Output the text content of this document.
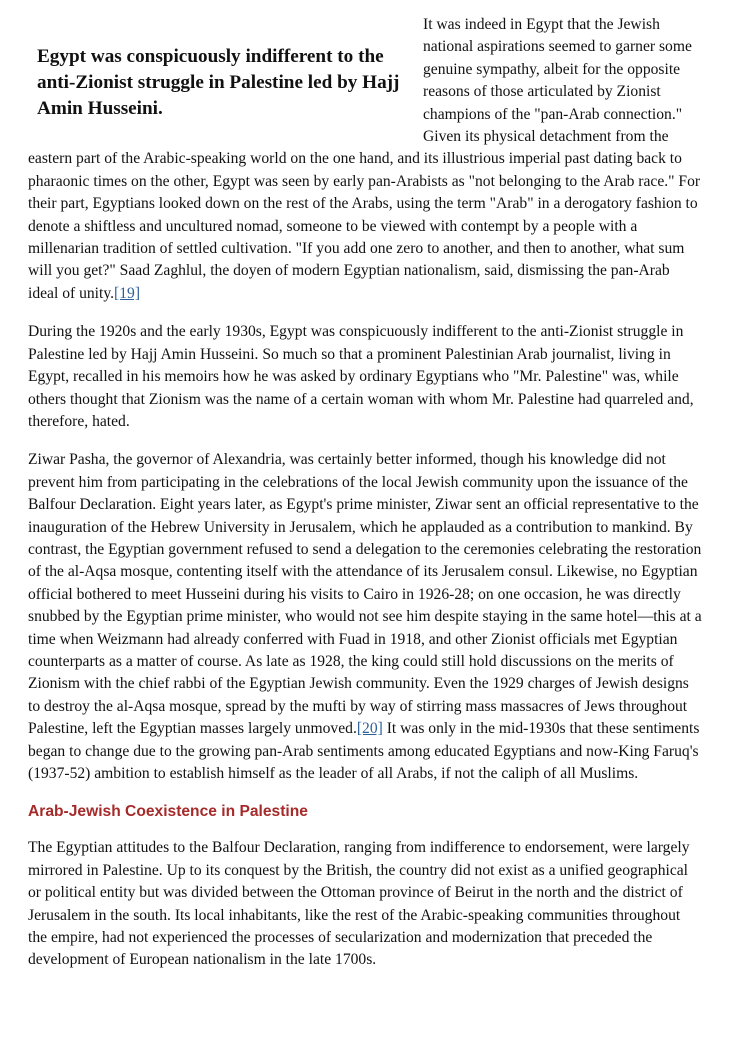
Egypt was conspicuously indifferent to the anti-Zionist struggle in Palestine led by Hajj Amin Husseini.

It was indeed in Egypt that the Jewish national aspirations seemed to garner some genuine sympathy, albeit for the opposite reasons of those articulated by Zionist champions of the "pan-Arab connection." Given its physical detachment from the eastern part of the Arabic-speaking world on the one hand, and its illustrious imperial past dating back to pharaonic times on the other, Egypt was seen by early pan-Arabists as "not belonging to the Arab race." For their part, Egyptians looked down on the rest of the Arabs, using the term "Arab" in a derogatory fashion to denote a shiftless and uncultured nomad, someone to be viewed with contempt by a people with a millenarian tradition of settled cultivation. "If you add one zero to another, and then to another, what sum will you get?" Saad Zaghlul, the doyen of modern Egyptian nationalism, said, dismissing the pan-Arab ideal of unity.[19]

During the 1920s and the early 1930s, Egypt was conspicuously indifferent to the anti-Zionist struggle in Palestine led by Hajj Amin Husseini. So much so that a prominent Palestinian Arab journalist, living in Egypt, recalled in his memoirs how he was asked by ordinary Egyptians who "Mr. Palestine" was, while others thought that Zionism was the name of a certain woman with whom Mr. Palestine had quarreled and, therefore, hated.

Ziwar Pasha, the governor of Alexandria, was certainly better informed, though his knowledge did not prevent him from participating in the celebrations of the local Jewish community upon the issuance of the Balfour Declaration. Eight years later, as Egypt's prime minister, Ziwar sent an official representative to the inauguration of the Hebrew University in Jerusalem, which he applauded as a contribution to mankind. By contrast, the Egyptian government refused to send a delegation to the ceremonies celebrating the restoration of the al-Aqsa mosque, contenting itself with the attendance of its Jerusalem consul. Likewise, no Egyptian official bothered to meet Husseini during his visits to Cairo in 1926-28; on one occasion, he was directly snubbed by the Egyptian prime minister, who would not see him despite staying in the same hotel—this at a time when Weizmann had already conferred with Fuad in 1918, and other Zionist officials met Egyptian counterparts as a matter of course. As late as 1928, the king could still hold discussions on the merits of Zionism with the chief rabbi of the Egyptian Jewish community. Even the 1929 charges of Jewish designs to destroy the al-Aqsa mosque, spread by the mufti by way of stirring mass massacres of Jews throughout Palestine, left the Egyptian masses largely unmoved.[20] It was only in the mid-1930s that these sentiments began to change due to the growing pan-Arab sentiments among educated Egyptians and now-King Faruq's (1937-52) ambition to establish himself as the leader of all Arabs, if not the caliph of all Muslims.

Arab-Jewish Coexistence in Palestine

The Egyptian attitudes to the Balfour Declaration, ranging from indifference to endorsement, were largely mirrored in Palestine. Up to its conquest by the British, the country did not exist as a unified geographical or political entity but was divided between the Ottoman province of Beirut in the north and the district of Jerusalem in the south. Its local inhabitants, like the rest of the Arabic-speaking communities throughout the empire, had not experienced the processes of secularization and modernization that preceded the development of European nationalism in the late 1700s.
